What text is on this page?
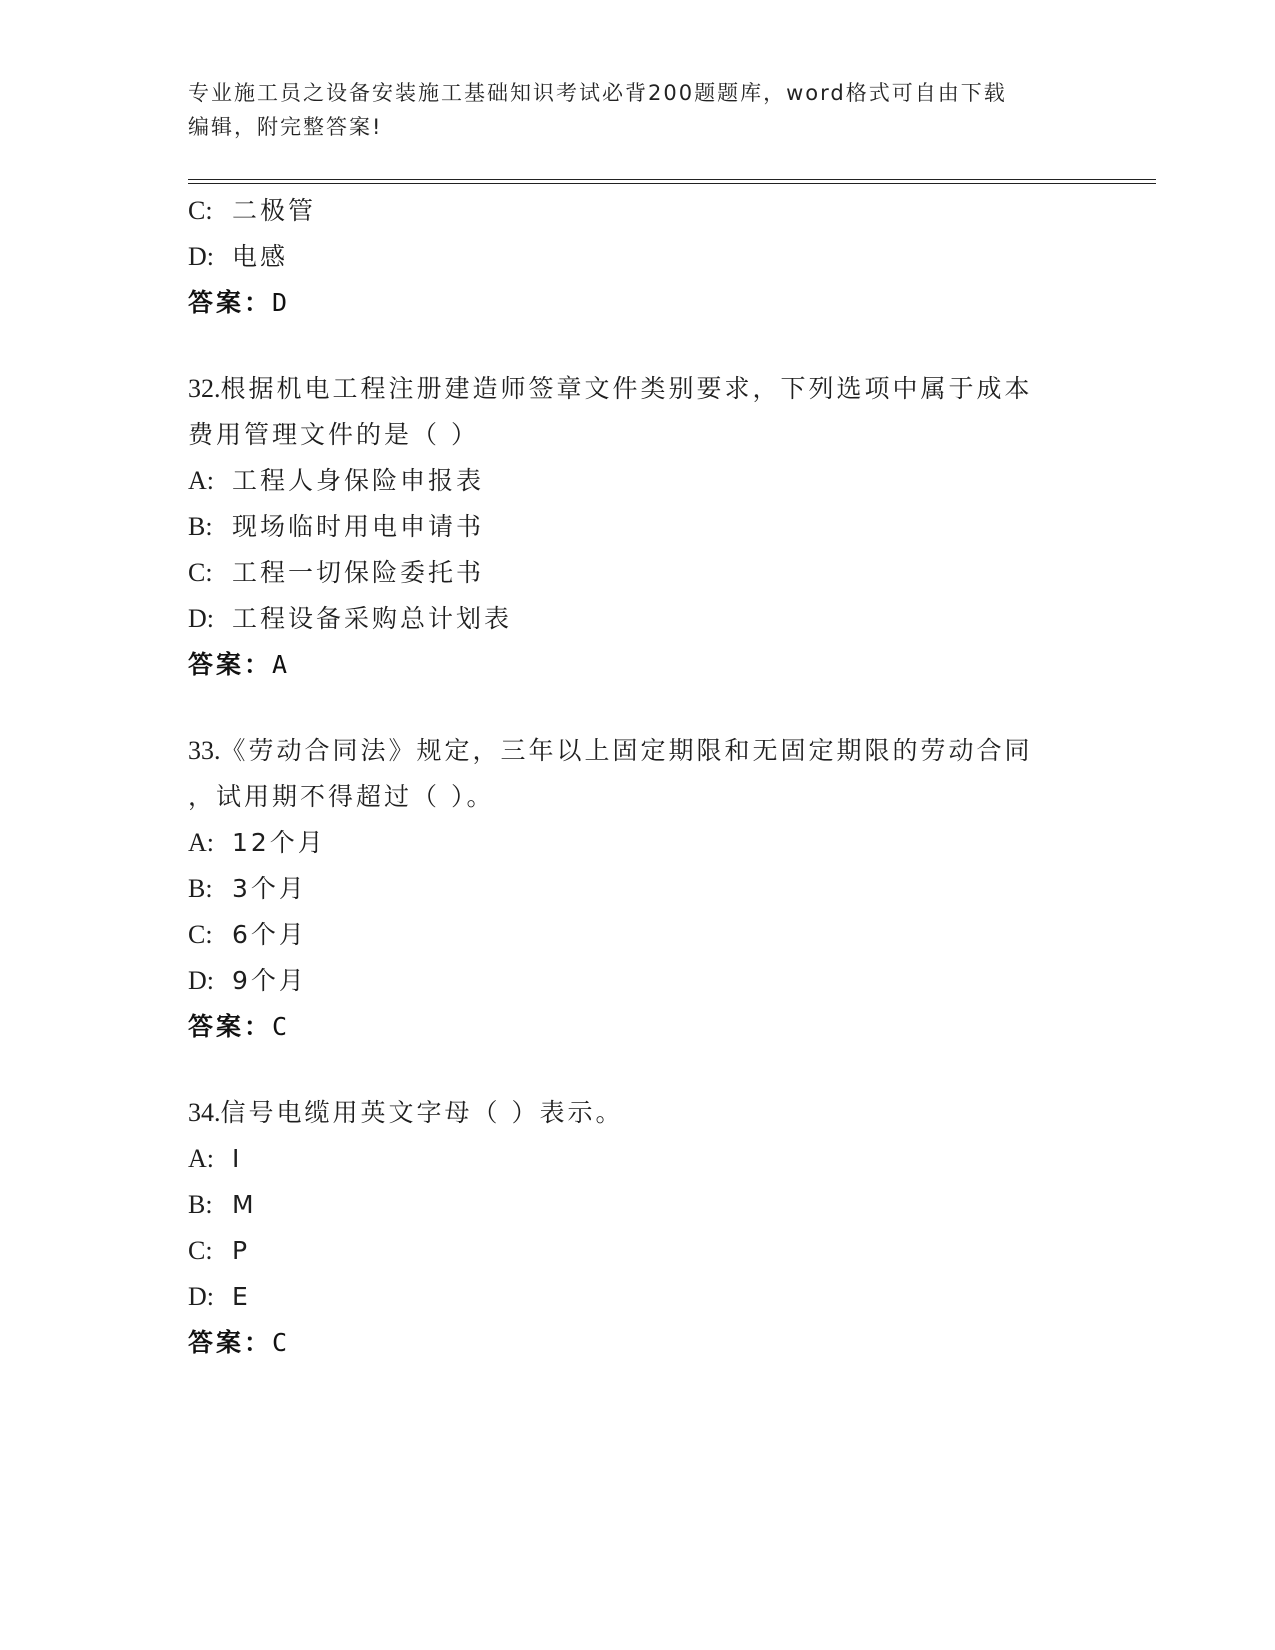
专业施工员之设备安装施工基础知识考试必背200题题库，word格式可自由下载
编辑，附完整答案!
C: 二极管
D: 电感
答案：D
32.根据机电工程注册建造师签章文件类别要求，下列选项中属于成本
费用管理文件的是（ ）
A: 工程人身保险申报表
B: 现场临时用电申请书
C: 工程一切保险委托书
D: 工程设备采购总计划表
答案：A
33.《劳动合同法》规定，三年以上固定期限和无固定期限的劳动合同
，试用期不得超过（ ）。
A: 12个月
B: 3个月
C: 6个月
D: 9个月
答案：C
34.信号电缆用英文字母（ ）表示。
A: I
B: M
C: P
D: E
答案：C
